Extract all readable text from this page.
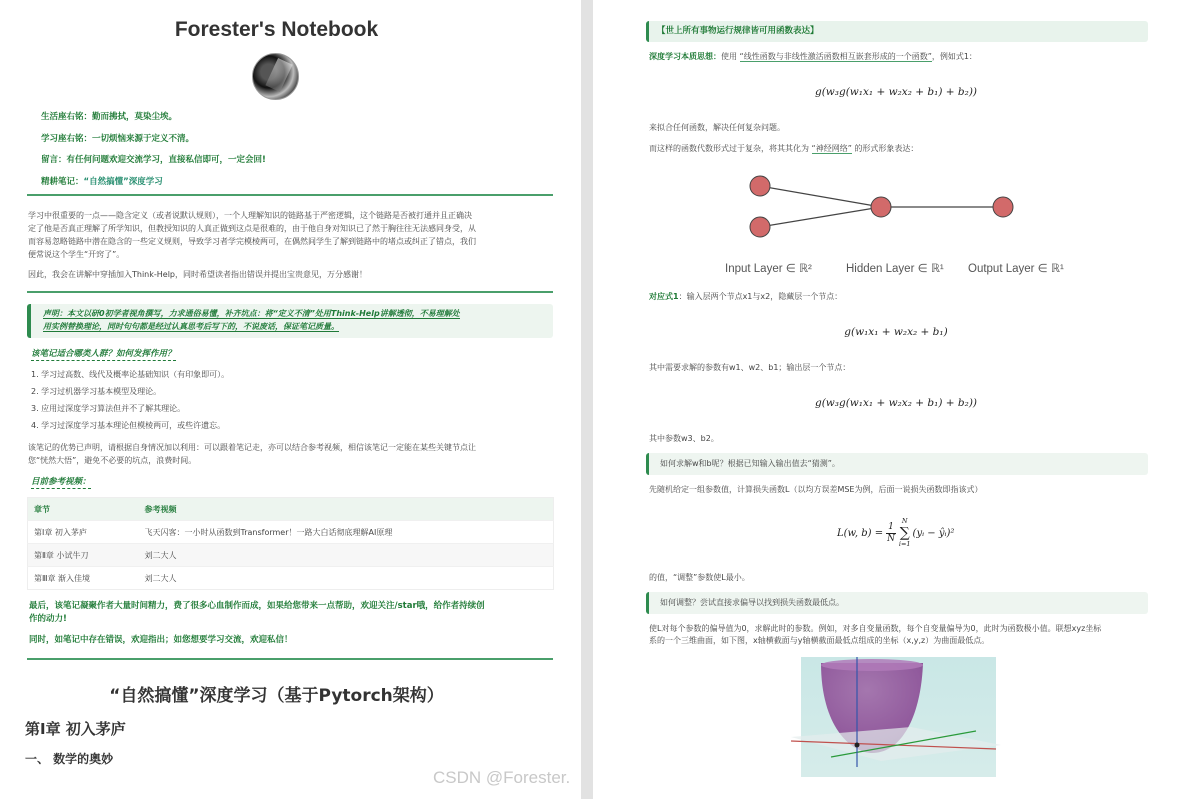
Forester's Notebook
生活座右铭：勤而拂拭，莫染尘埃。
学习座右铭：一切烦恼来源于定义不清。
留言：有任何问题欢迎交流学习，直接私信即可，一定会回!
精耕笔记：“自然搞懂”深度学习
学习中很重要的一点——隐含定义（或者说默认规则），一个人理解知识的链路基于严密逻辑，这个链路是否被打通并且正确决
定了他是否真正理解了所学知识，但教授知识的人真正做到这点是很难的，由于他自身对知识已了然于胸往往无法感同身受，从
而容易忽略链路中潜在隐含的一些定义规则，导致学习者学完模棱两可，在偶然间学生了解到链路中的堵点或纠正了错点，我们
便常说这个学生“开窍了”。
因此，我会在讲解中穿插加入Think-Help，同时希望读者指出错误并提出宝贵意见，万分感谢！
声明：本文以研0初学者视角撰写，力求通俗易懂，补齐坑点：将“定义不清”处用Think-Help讲解透彻，不易理解处
用实例替换理论，同时句句都是经过认真思考后写下的，不说废话，保证笔记质量。
该笔记适合哪类人群？如何发挥作用？
1. 学习过高数、线代及概率论基础知识（有印象即可）。
2. 学习过机器学习基本模型及理论。
3. 应用过深度学习算法但并不了解其理论。
4. 学习过深度学习基本理论但模棱两可，或些许遗忘。
该笔记的优势已声明，请根据自身情况加以利用：可以跟着笔记走，亦可以结合参考视频，相信该笔记一定能在某些关键节点让
您“恍然大悟”，避免不必要的坑点，浪费时间。
目前参考视频：
章节	参考视频
第Ⅰ章 初入茅庐	飞天闪客：一小时从函数到Transformer！一路大白话彻底理解AI原理
第Ⅱ章 小试牛刀	刘二大人
第Ⅲ章 渐入佳境	刘二大人
最后，该笔记凝聚作者大量时间精力，费了很多心血制作而成，如果给您带来一点帮助，欢迎关注/star哦，给作者持续创
作的动力!
同时，如笔记中存在错误，欢迎指出；如您想要学习交流，欢迎私信！
“自然搞懂”深度学习（基于Pytorch架构）
第Ⅰ章 初入茅庐
一、 数学的奥妙
【世上所有事物运行规律皆可用函数表达】
深度学习本质思想：使用 “线性函数与非线性激活函数相互嵌套形成的一个函数”，例如式1：
g(w₃g(w₁x₁ + w₂x₂ + b₁) + b₂))
来拟合任何函数，解决任何复杂问题。
而这样的函数代数形式过于复杂，将其其化为 “神经网络” 的形式形象表达：
Input Layer ∈ ℝ²	Hidden Layer ∈ ℝ¹ Output Layer ∈ ℝ¹
对应式1：输入层两个节点x1与x2，隐藏层一个节点：
g(w₁x₁ + w₂x₂ + b₁)
其中需要求解的参数有w1、w2、b1；输出层一个节点：
g(w₃g(w₁x₁ + w₂x₂ + b₁) + b₂))
其中参数w3、b2。
如何求解w和b呢？根据已知输入输出值去“猜测”。
先随机给定一组参数值，计算损失函数L（以均方误差MSE为例，后面一说损失函数即指该式）
L(w, $b) = \frac{1}{N}$
N
∑
i=1
(yᵢ − ŷᵢ)²
的值，“调整”参数使L最小。
如何调整？尝试直接求偏导以找到损失函数最低点。
使L对每个参数的偏导值为0，求解此时的参数。例如，对多自变量函数，每个自变量偏导为0，此时为函数极小值。联想xyz坐标
系的一个三维曲面，如下图，x轴横截面与y轴横截面最低点组成的坐标（x,y,z）为曲面最低点。
CSDN @Forester.
